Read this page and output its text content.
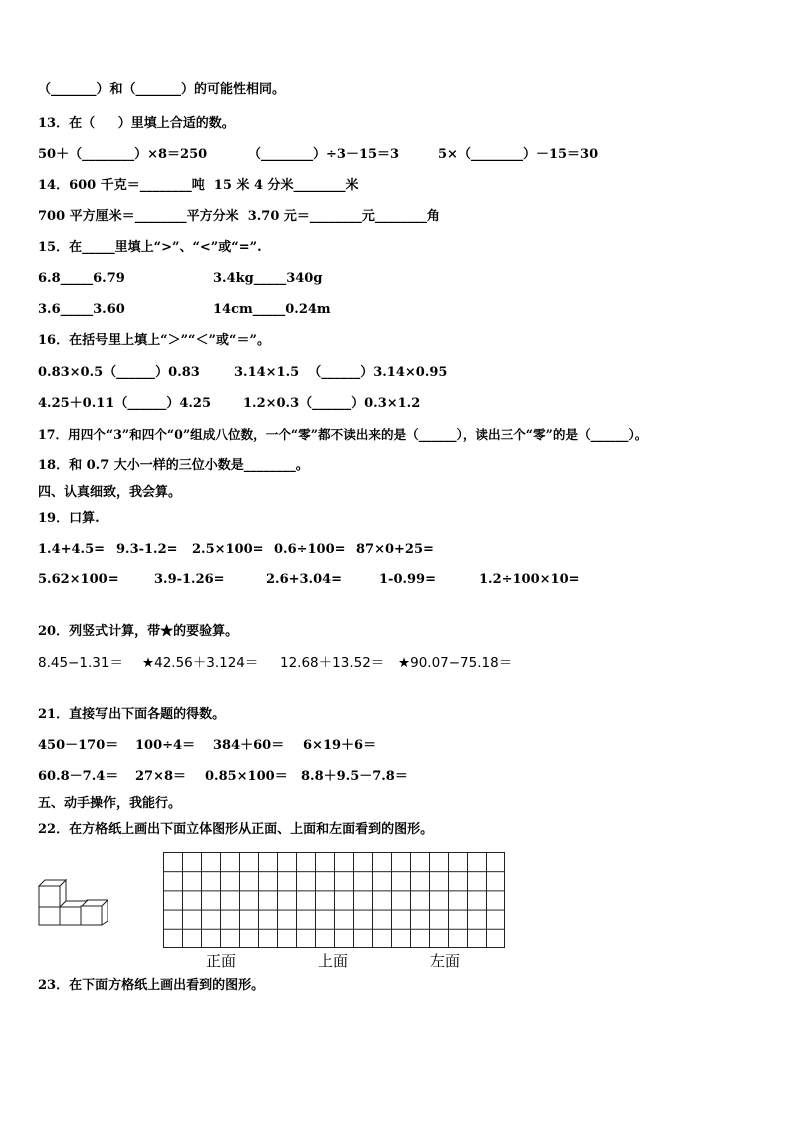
（_______）和（_______）的可能性相同。
13．在（     ）里填上合适的数。

50＋（________）×8＝250

	（________）÷3－15＝3

	5×（________）－15＝30

14．600 千克＝________吨  15 米 4 分米________米
700 平方厘米＝________平方分米  3.70 元＝________元________角
15．在_____里填上“>”、“<”或“=”.

6.8_____6.79

	3.4kg_____340g

3.6_____3.60

	14cm_____0.24m

16．在括号里上填上“＞”“＜”或“＝”。

0.83×0.5（______）0.83

	3.14×1.5  （______）3.14×0.95

4.25＋0.11（______）4.25

1.2×0.3（______）0.3×1.2

17．用四个“3”和四个“0”组成八位数，一个“零”都不读出来的是（______），读出三个“零”的是（______）。
18．和 0.7 大小一样的三位小数是________。
四、认真细致，我会算。
19．口算.

1.4+4.5=

9.3-1.2=

2.5×100=

0.6÷100=

87×0+25=

5.62×100=

	3.9-1.26=

	2.6+3.04=

	1-0.99=

	1.2÷100×10=

20．列竖式计算，带★的要验算。

8.45−1.31＝

★42.56＋3.124＝

12.68＋13.52＝

★90.07−75.18＝

21．直接写出下面各题的得数。

450－170＝

100÷4＝

384＋60＝

6×19＋6＝

60.8－7.4＝

27×8＝

0.85×100＝

8.8＋9.5－7.8＝

五、动手操作，我能行。
22．在方格纸上画出下面立体图形从正面、上面和左面看到的图形。
正面	上面	左面
23．在下面方格纸上画出看到的图形。
